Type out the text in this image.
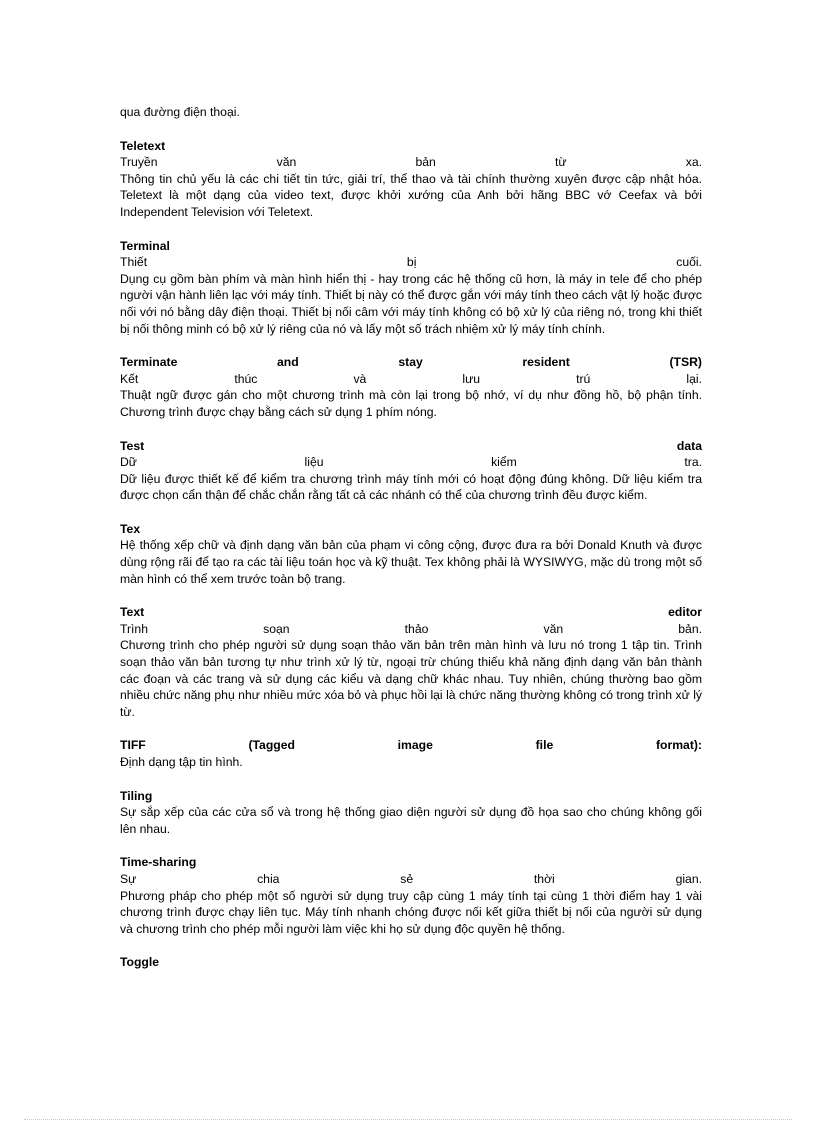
qua đường điện thoại.
Teletext
Truyền văn bản từ xa.
Thông tin chủ yếu là các chi tiết tin tức, giải trí, thể thao và tài chính thường xuyên được cập nhật hóa. Teletext là một dạng của video text, được khởi xướng của Anh bởi hãng BBC vớ Ceefax và bởi Independent Television với Teletext.
Terminal
Thiết bị cuối.
Dụng cụ gồm bàn phím và màn hình hiển thị - hay trong các hệ thống cũ hơn, là máy in tele để cho phép người vận hành liên lạc với máy tính. Thiết bị này có thể được gắn với máy tính theo cách vật lý hoặc được nối với nó bằng dây điện thoại. Thiết bị nối câm với máy tính không có bộ xử lý của riêng nó, trong khi thiết bị nối thông minh có bộ xử lý riêng của nó và lấy một số trách nhiệm xử lý máy tính chính.
Terminate and stay resident (TSR)
Kết thúc và lưu trú lại.
Thuật ngữ được gán cho một chương trình mà còn lại trong bộ nhớ, ví dụ như đồng hồ, bộ phận tính. Chương trình được chạy bằng cách sử dụng 1 phím nóng.
Test data
Dữ liệu kiểm tra.
Dữ liệu được thiết kế để kiểm tra chương trình máy tính mới có hoạt động đúng không. Dữ liệu kiểm tra được chọn cẩn thận để chắc chắn rằng tất cả các nhánh có thể của chương trình đều được kiểm.
Tex
Hệ thống xếp chữ và định dạng văn bản của phạm vi công cộng, được đưa ra bởi Donald Knuth và được dùng rộng rãi để tạo ra các tài liệu toán học và kỹ thuật. Tex không phải là WYSIWYG, mặc dù trong một số màn hình có thể xem trước toàn bộ trang.
Text editor
Trình soạn thảo văn bản.
Chương trình cho phép người sử dụng soạn thảo văn bản trên màn hình và lưu nó trong 1 tập tin. Trình soạn thảo văn bản tương tự như trình xử lý từ, ngoại trừ chúng thiếu khả năng định dạng văn bản thành các đoạn và các trang và sử dụng các kiểu và dạng chữ khác nhau. Tuy nhiên, chúng thường bao gồm nhiều chức năng phụ như nhiều mức xóa bỏ và phục hồi lại là chức năng thường không có trong trình xử lý từ.
TIFF (Tagged image file format):
Định dạng tập tin hình.
Tiling
Sự sắp xếp của các cửa sổ và trong hệ thống giao diện người sử dụng đồ họa sao cho chúng không gối lên nhau.
Time-sharing
Sự chia sẻ thời gian.
Phương pháp cho phép một số người sử dụng truy cập cùng 1 máy tính tại cùng 1 thời điểm hay 1 vài chương trình được chạy liên tục. Máy tính nhanh chóng được nối kết giữa thiết bị nối của người sử dụng và chương trình cho phép mỗi người làm việc khi họ sử dụng độc quyền hệ thống.
Toggle
